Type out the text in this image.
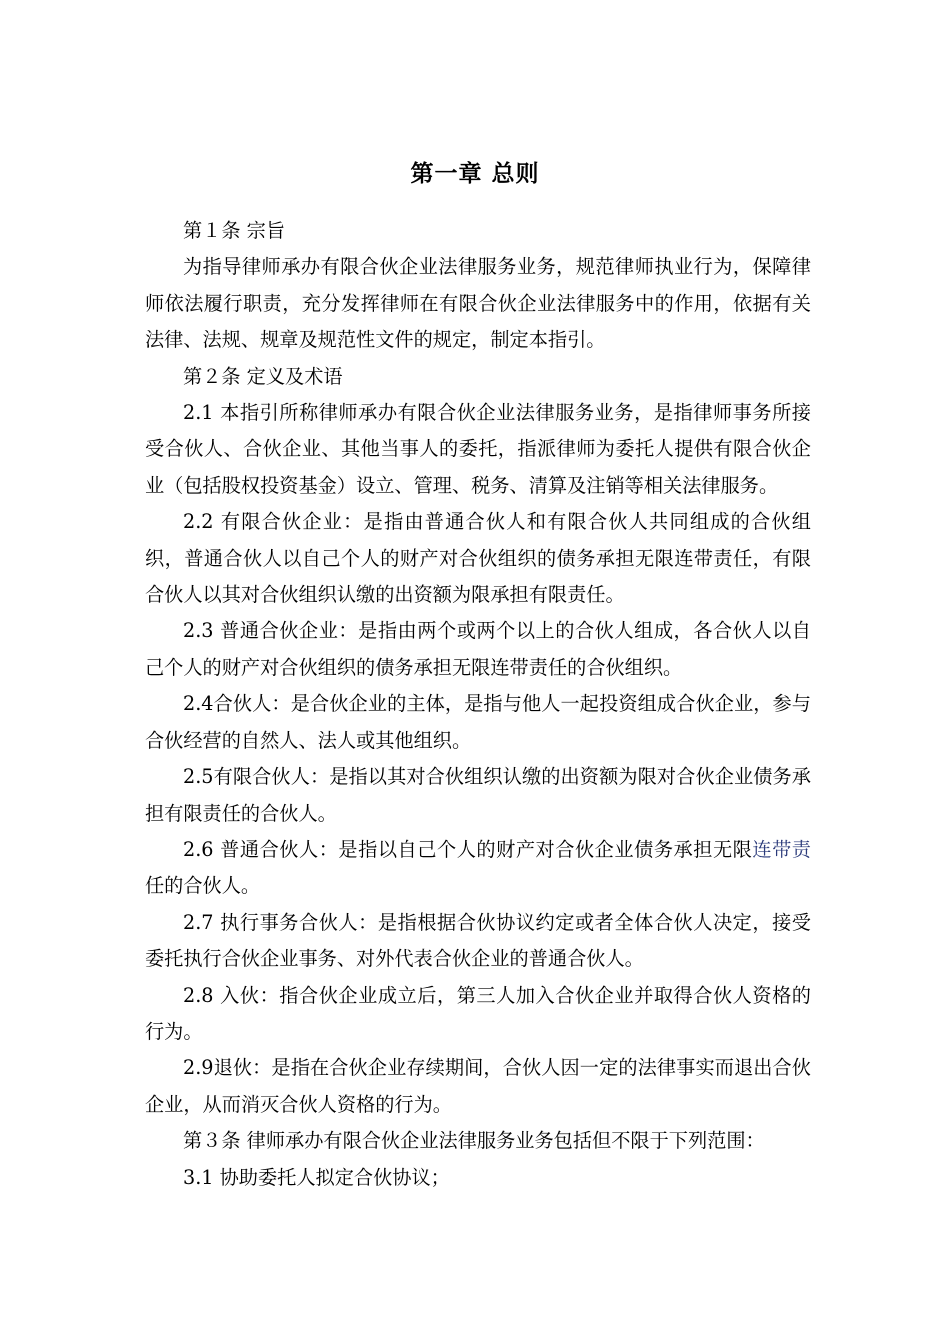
第一章 总则

第１条 宗旨

为指导律师承办有限合伙企业法律服务业务，规范律师执业行为，保障律师依法履行职责，充分发挥律师在有限合伙企业法律服务中的作用，依据有关法律、法规、规章及规范性文件的规定，制定本指引。

第２条 定义及术语

2.1 本指引所称律师承办有限合伙企业法律服务业务，是指律师事务所接受合伙人、合伙企业、其他当事人的委托，指派律师为委托人提供有限合伙企业（包括股权投资基金）设立、管理、税务、清算及注销等相关法律服务。

2.2 有限合伙企业：是指由普通合伙人和有限合伙人共同组成的合伙组织，普通合伙人以自己个人的财产对合伙组织的债务承担无限连带责任，有限合伙人以其对合伙组织认缴的出资额为限承担有限责任。

2.3 普通合伙企业：是指由两个或两个以上的合伙人组成，各合伙人以自己个人的财产对合伙组织的债务承担无限连带责任的合伙组织。

2.4合伙人：是合伙企业的主体，是指与他人一起投资组成合伙企业，参与合伙经营的自然人、法人或其他组织。

2.5有限合伙人：是指以其对合伙组织认缴的出资额为限对合伙企业债务承担有限责任的合伙人。

2.6 普通合伙人：是指以自己个人的财产对合伙企业债务承担无限连带责任的合伙人。

2.7 执行事务合伙人：是指根据合伙协议约定或者全体合伙人决定，接受委托执行合伙企业事务、对外代表合伙企业的普通合伙人。

2.8 入伙：指合伙企业成立后，第三人加入合伙企业并取得合伙人资格的行为。

2.9退伙：是指在合伙企业存续期间，合伙人因一定的法律事实而退出合伙企业，从而消灭合伙人资格的行为。

第３条 律师承办有限合伙企业法律服务业务包括但不限于下列范围：

3.1 协助委托人拟定合伙协议；
